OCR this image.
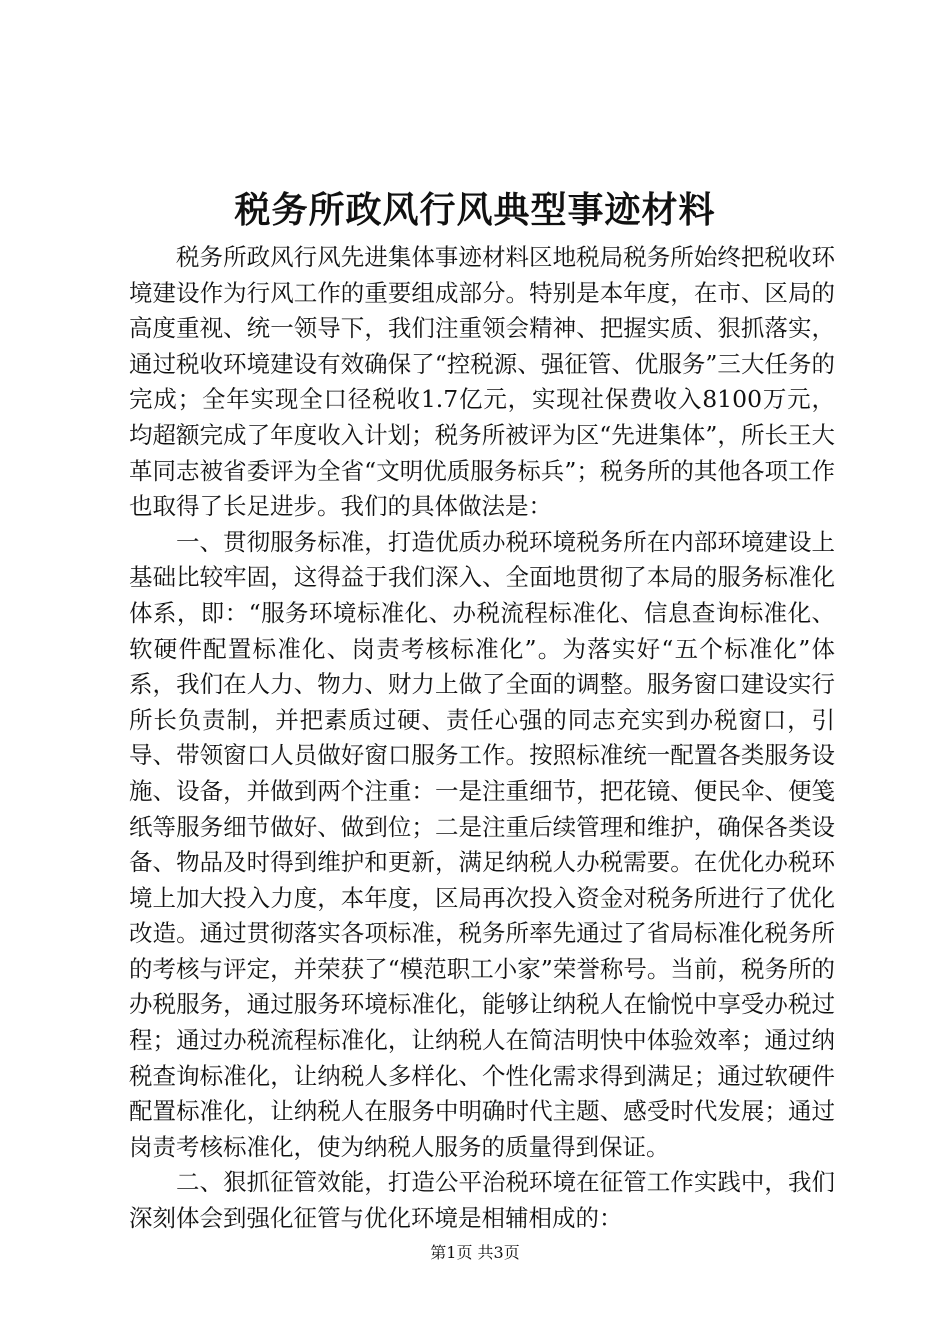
税务所政风行风典型事迹材料

税务所政风行风先进集体事迹材料区地税局税务所始终把税收环境建设作为行风工作的重要组成部分。特别是本年度，在市、区局的高度重视、统一领导下，我们注重领会精神、把握实质、狠抓落实，通过税收环境建设有效确保了“控税源、强征管、优服务”三大任务的完成；全年实现全口径税收1.7亿元，实现社保费收入8100万元，均超额完成了年度收入计划；税务所被评为区“先进集体”，所长王大革同志被省委评为全省“文明优质服务标兵”；税务所的其他各项工作也取得了长足进步。我们的具体做法是：

一、贯彻服务标准，打造优质办税环境税务所在内部环境建设上基础比较牢固，这得益于我们深入、全面地贯彻了本局的服务标准化体系，即：“服务环境标准化、办税流程标准化、信息查询标准化、软硬件配置标准化、岗责考核标准化”。为落实好“五个标准化”体系，我们在人力、物力、财力上做了全面的调整。服务窗口建设实行所长负责制，并把素质过硬、责任心强的同志充实到办税窗口，引导、带领窗口人员做好窗口服务工作。按照标准统一配置各类服务设施、设备，并做到两个注重：一是注重细节，把花镜、便民伞、便笺纸等服务细节做好、做到位；二是注重后续管理和维护，确保各类设备、物品及时得到维护和更新，满足纳税人办税需要。在优化办税环境上加大投入力度，本年度，区局再次投入资金对税务所进行了优化改造。通过贯彻落实各项标准，税务所率先通过了省局标准化税务所的考核与评定，并荣获了“模范职工小家”荣誉称号。当前，税务所的办税服务，通过服务环境标准化，能够让纳税人在愉悦中享受办税过程；通过办税流程标准化，让纳税人在简洁明快中体验效率；通过纳税查询标准化，让纳税人多样化、个性化需求得到满足；通过软硬件配置标准化，让纳税人在服务中明确时代主题、感受时代发展；通过岗责考核标准化，使为纳税人服务的质量得到保证。

二、狠抓征管效能，打造公平治税环境在征管工作实践中，我们深刻体会到强化征管与优化环境是相辅相成的：

第1页 共3页
